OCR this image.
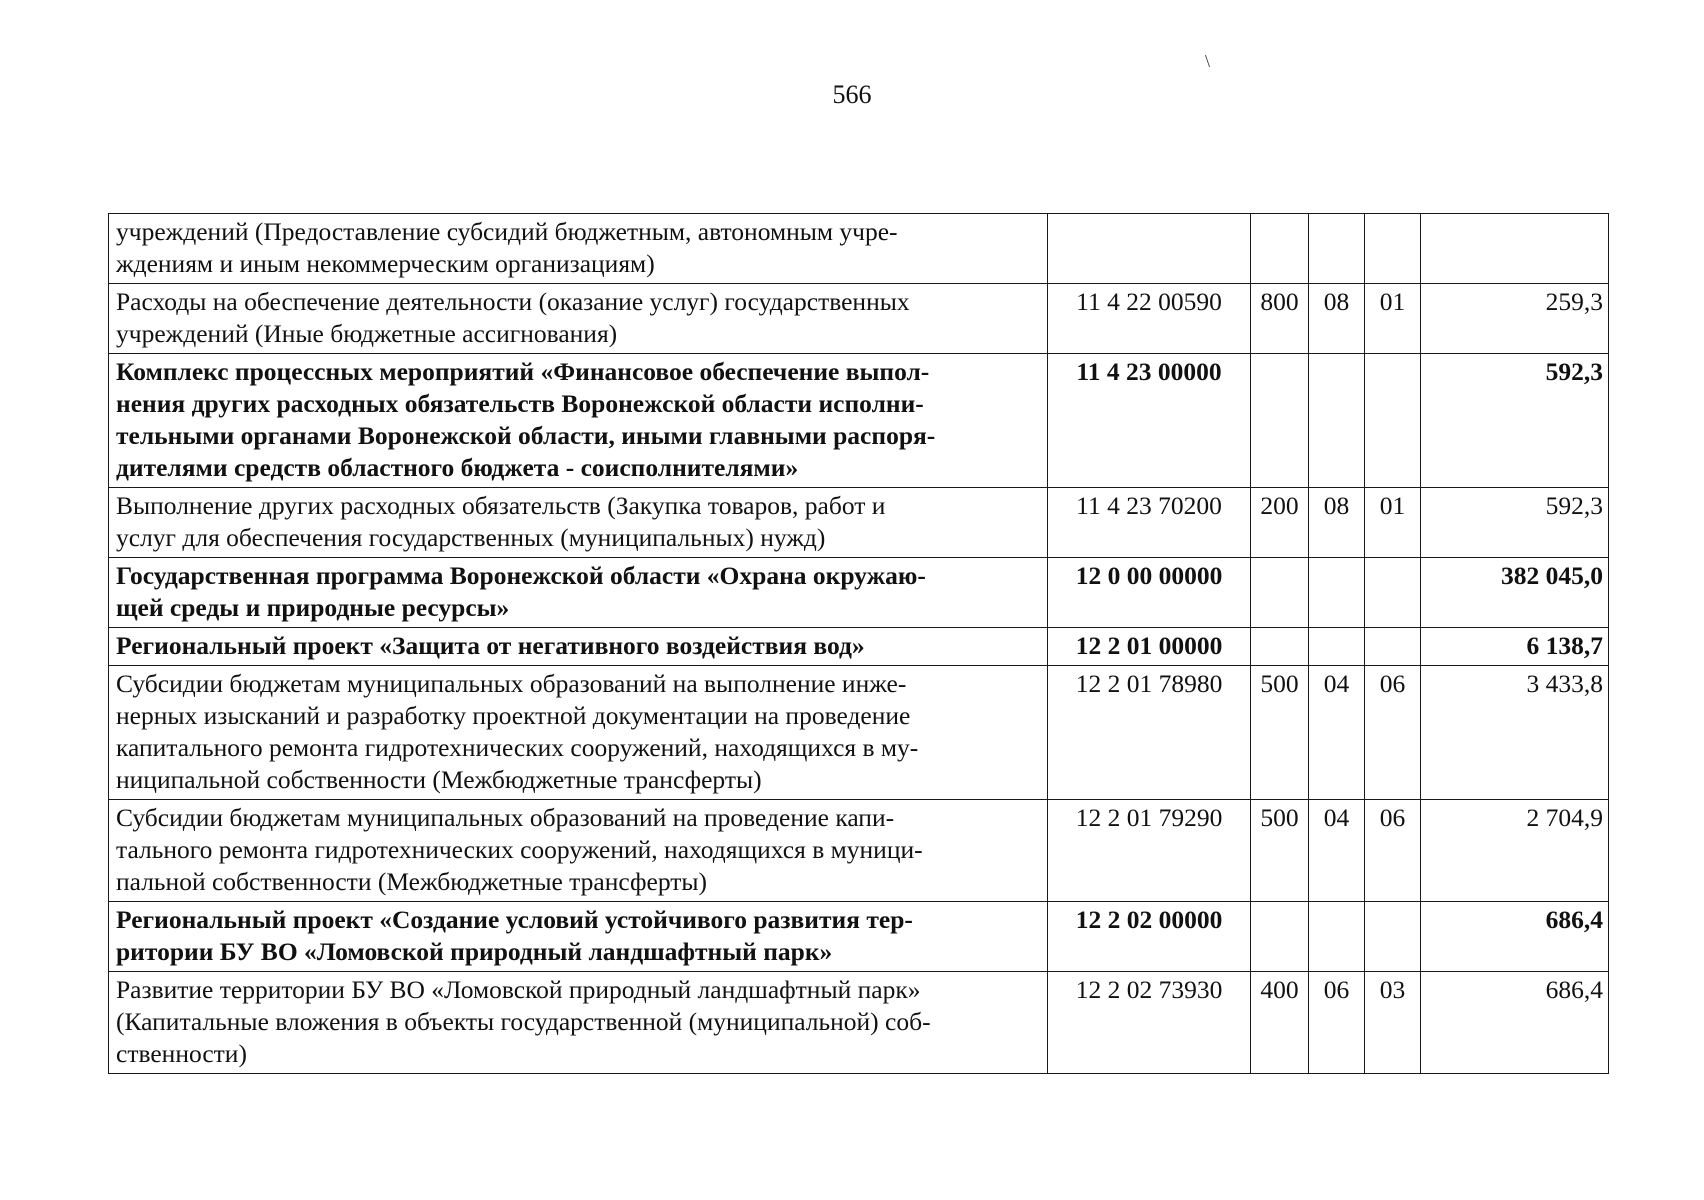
566
\
учреждений (Предоставление субсидий бюджетным, автономным учре-
ждениям и иным некоммерческим организациям)					

Расходы на обеспечение деятельности (оказание услуг) государственных
учреждений (Иные бюджетные ассигнования)	11 4 22 00590	800	08	01	259,3

Комплекс процессных мероприятий «Финансовое обеспечение выпол-
нения других расходных обязательств Воронежской области исполни-
тельными органами Воронежской области, иными главными распоря-
дителями средств областного бюджета - соисполнителями»	11 4 23 00000				592,3

Выполнение других расходных обязательств (Закупка товаров, работ и
услуг для обеспечения государственных (муниципальных) нужд)	11 4 23 70200	200	08	01	592,3

Государственная программа Воронежской области «Охрана окружаю-
щей среды и природные ресурсы»	12 0 00 00000				382 045,0

Региональный проект «Защита от негативного воздействия вод»	12 2 01 00000				6 138,7

Субсидии бюджетам муниципальных образований на выполнение инже-
нерных изысканий и разработку проектной документации на проведение
капитального ремонта гидротехнических сооружений, находящихся в му-
ниципальной собственности (Межбюджетные трансферты)	12 2 01 78980	500	04	06	3 433,8

Субсидии бюджетам муниципальных образований на проведение капи-
тального ремонта гидротехнических сооружений, находящихся в муници-
пальной собственности (Межбюджетные трансферты)	12 2 01 79290	500	04	06	2 704,9

Региональный проект «Создание условий устойчивого развития тер-
ритории БУ ВО «Ломовской природный ландшафтный парк»	12 2 02 00000				686,4

Развитие территории БУ ВО «Ломовской природный ландшафтный парк»
(Капитальные вложения в объекты государственной (муниципальной) соб-
ственности)	12 2 02 73930	400	06	03	686,4
